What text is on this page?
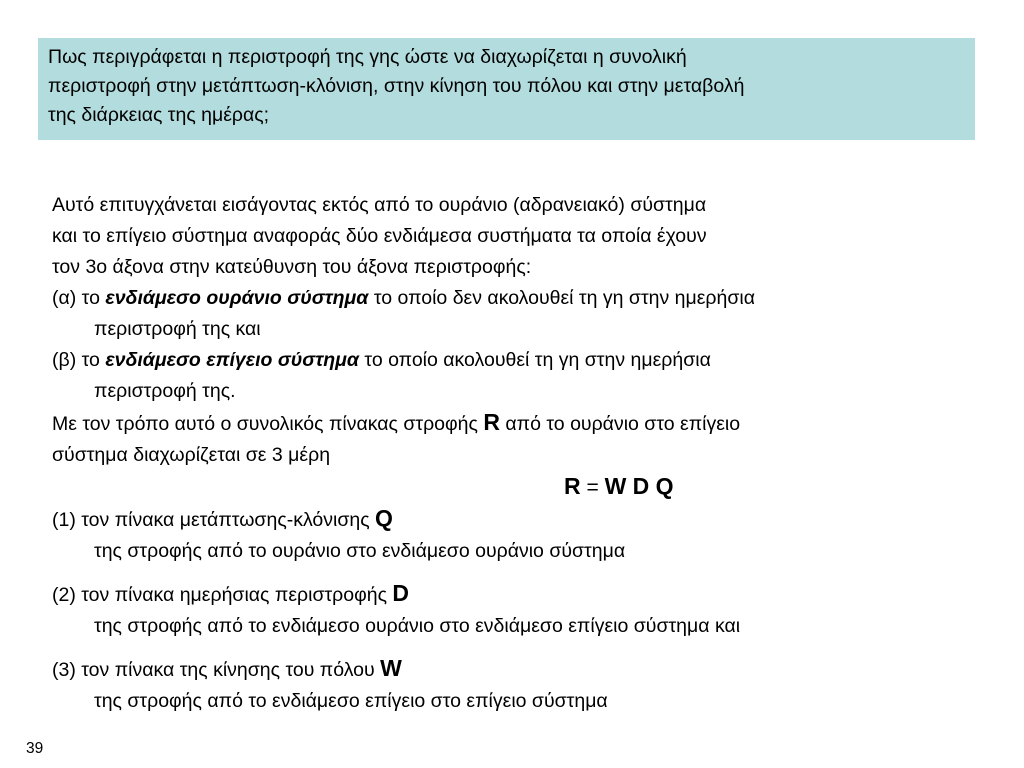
Πως περιγράφεται η περιστροφή της γης ώστε να διαχωρίζεται η συνολική
περιστροφή στην μετάπτωση-κλόνιση, στην κίνηση του πόλου και στην μεταβολή
της διάρκειας της ημέρας;
Αυτό επιτυγχάνεται εισάγοντας εκτός από το ουράνιο (αδρανειακό) σύστημα
και το επίγειο σύστημα αναφοράς δύο ενδιάμεσα συστήματα τα οποία έχουν
τον 3ο άξονα στην κατεύθυνση του άξονα περιστροφής:
(α) το ενδιάμεσο ουράνιο σύστημα το οποίο δεν ακολουθεί τη γη στην ημερήσια
περιστροφή της και
(β) το ενδιάμεσο επίγειο σύστημα το οποίο ακολουθεί τη γη στην ημερήσια
περιστροφή της.
Με τον τρόπο αυτό ο συνολικός πίνακας στροφής R από το ουράνιο στο επίγειο
σύστημα διαχωρίζεται σε 3 μέρη
R = W D Q
(1) τον πίνακα μετάπτωσης-κλόνισης Q
της στροφής από το ουράνιο στο ενδιάμεσο ουράνιο σύστημα
(2) τον πίνακα ημερήσιας περιστροφής D
της στροφής από το ενδιάμεσο ουράνιο στο ενδιάμεσο επίγειο σύστημα και
(3) τον πίνακα της κίνησης του πόλου W
της στροφής από το ενδιάμεσο επίγειο στο επίγειο σύστημα
39
